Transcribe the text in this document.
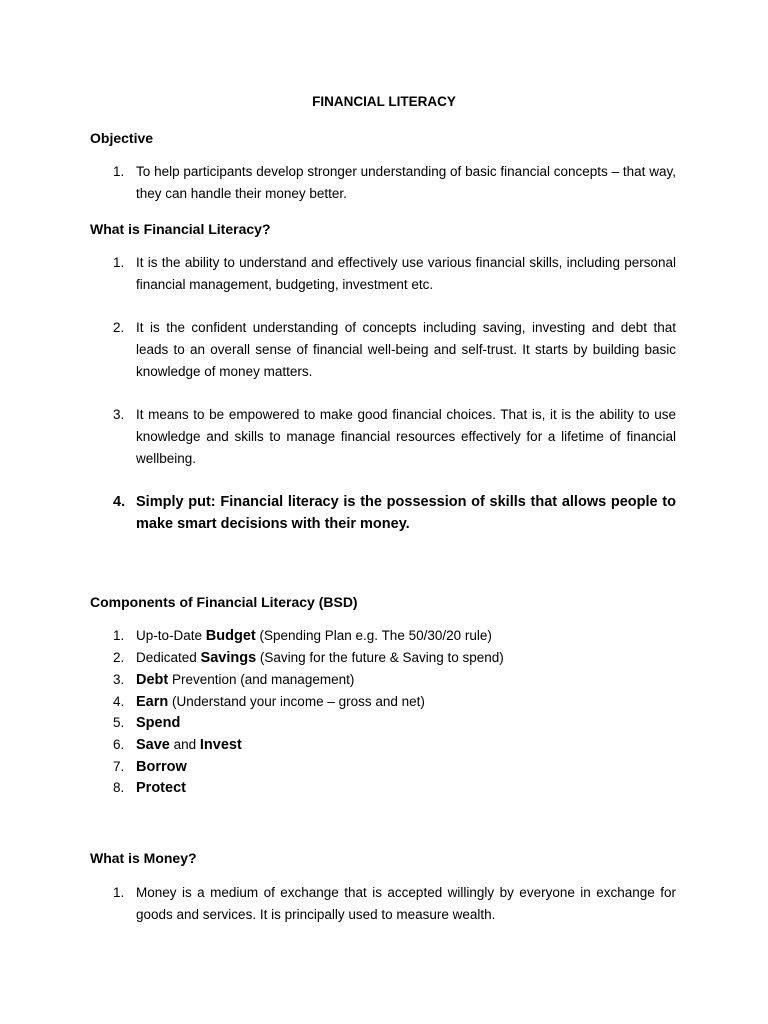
FINANCIAL LITERACY
Objective
1. To help participants develop stronger understanding of basic financial concepts – that way, they can handle their money better.
What is Financial Literacy?
1. It is the ability to understand and effectively use various financial skills, including personal financial management, budgeting, investment etc.
2. It is the confident understanding of concepts including saving, investing and debt that leads to an overall sense of financial well-being and self-trust. It starts by building basic knowledge of money matters.
3. It means to be empowered to make good financial choices. That is, it is the ability to use knowledge and skills to manage financial resources effectively for a lifetime of financial wellbeing.
4. Simply put: Financial literacy is the possession of skills that allows people to make smart decisions with their money.
Components of Financial Literacy (BSD)
1. Up-to-Date Budget (Spending Plan e.g. The 50/30/20 rule)
2. Dedicated Savings (Saving for the future & Saving to spend)
3. Debt Prevention (and management)
4. Earn (Understand your income – gross and net)
5. Spend
6. Save and Invest
7. Borrow
8. Protect
What is Money?
1. Money is a medium of exchange that is accepted willingly by everyone in exchange for goods and services. It is principally used to measure wealth.
